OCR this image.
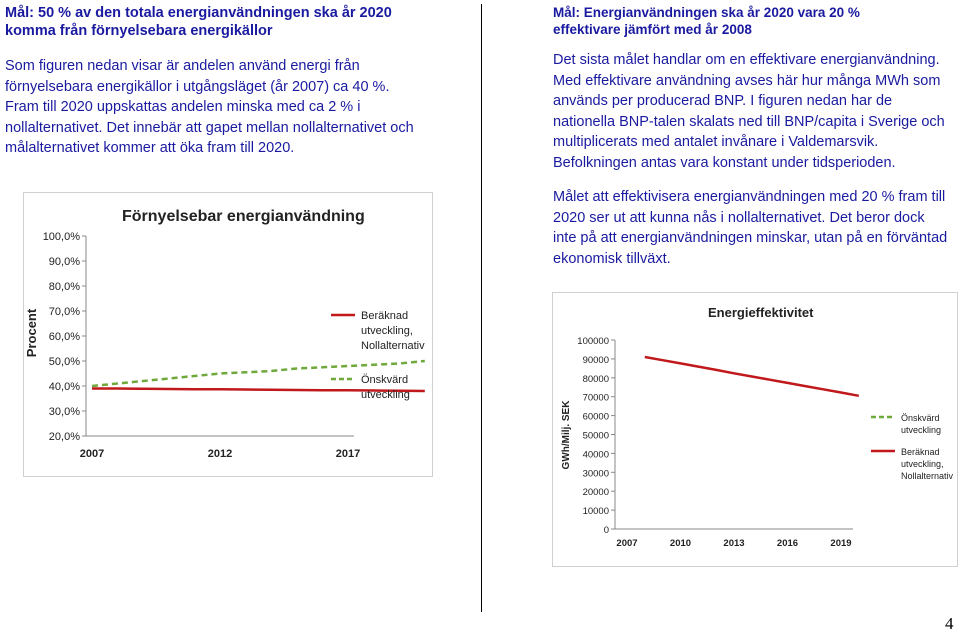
Mål: 50 % av den totala energianvändningen ska år 2020
komma från förnyelsebara energikällor

Som figuren nedan visar är andelen använd energi från
förnyelsebara energikällor i utgångsläget (år 2007) ca 40 %.
Fram till 2020 uppskattas andelen minska med ca 2 % i
nollalternativet. Det innebär att gapet mellan nollalternativet och
målalternativet kommer att öka fram till 2020.

Mål: Energianvändningen ska år 2020 vara 20 %
effektivare jämfört med år 2008

Det sista målet handlar om en effektivare energianvändning.
Med effektivare användning avses här hur många MWh som
används per producerad BNP. I figuren nedan har de
nationella BNP-talen skalats ned till BNP/capita i Sverige och
multiplicerats med antalet invånare i Valdemarsvik.
Befolkningen antas vara konstant under tidsperioden.

Målet att effektivisera energianvändningen med 20 % fram till
2020 ser ut att kunna nås i nollalternativet. Det beror dock
inte på att energianvändningen minskar, utan på en förväntad
ekonomisk tillväxt.

Förnyelsebar energianvändning
Procent
20,0%
30,0%
40,0%
50,0%
60,0%
70,0%
80,0%
90,0%
100,0%
2007	2012	2017
Beräknad
utveckling,
Nollalternativ
Önskvärd
utveckling
Energieffektivitet
GWh/Milj. SEK
0
10000
20000
30000
40000
50000
60000
70000
80000
90000
100000
2007	2010	2013	2016	2019
Önskvärd
utveckling
Beräknad
utveckling,
Nollalternativ
4
